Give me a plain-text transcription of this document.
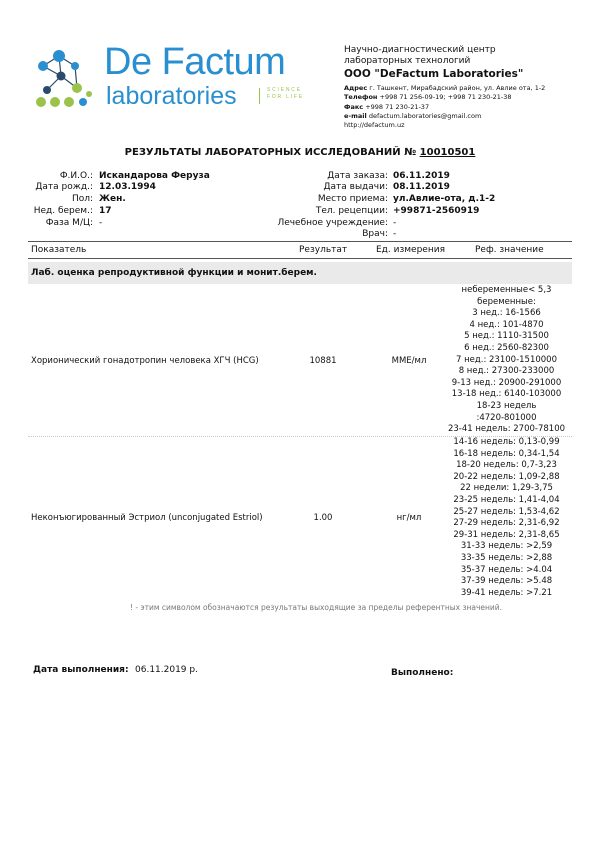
De Factum
laboratories	SCIENCE
FOR LIFE
Научно-диагностический центр
лабораторных технологий
ООО "DeFactum Laboratories"
Адрес г. Ташкент, Мирабадский район, ул. Авлие ота, 1-2
Телефон +998 71 256-09-19; +998 71 230-21-38
Факс +998 71 230-21-37
e-mail defactum.laboratories@gmail.com
http://defactum.uz
РЕЗУЛЬТАТЫ ЛАБОРАТОРНЫХ ИССЛЕДОВАНИЙ № 10010501
Ф.И.О.: Искандарова Феруза
Дата рожд.: 12.03.1994
Пол: Жен.
Нед. берем.: 17
Фаза М/Ц: -
Дата заказа: 06.11.2019
Дата выдачи: 08.11.2019
Место приема: ул.Авлие-ота, д.1-2
Тел. рецепции: +99871-2560919
Лечебное учреждение: -
Врач: -
Показатель	Результат	Ед. измерения	Реф. значение
Лаб. оценка репродуктивной функции и монит.берем.
Хорионический гонадотропин человека ХГЧ (HCG)	10881	МME/мл
небеременные< 5,3
беременные:
3 нед.: 16-1566
4 нед.: 101-4870
5 нед.: 1110-31500
6 нед.: 2560-82300
7 нед.: 23100-1510000
8 нед.: 27300-233000
9-13 нед.: 20900-291000
13-18 нед.: 6140-103000
18-23 недель
:4720-801000
23-41 недель: 2700-78100
Неконъюгированный Эстриол (unconjugated Estriol)	1.00	нг/мл
14-16 недель: 0,13-0,99
16-18 недель: 0,34-1,54
18-20 недель: 0,7-3,23
20-22 недель: 1,09-2,88
22 недели: 1,29-3,75
23-25 недель: 1,41-4,04
25-27 недель: 1,53-4,62
27-29 недель: 2,31-6,92
29-31 недель: 2,31-8,65
31-33 недель: >2,59
33-35 недель: >2,88
35-37 недель: >4.04
37-39 недель: >5.48
39-41 недель: >7.21
! - этим символом обозначаются результаты выходящие за пределы референтных значений.
Дата выполнения: 06.11.2019 р.	Выполнено:
